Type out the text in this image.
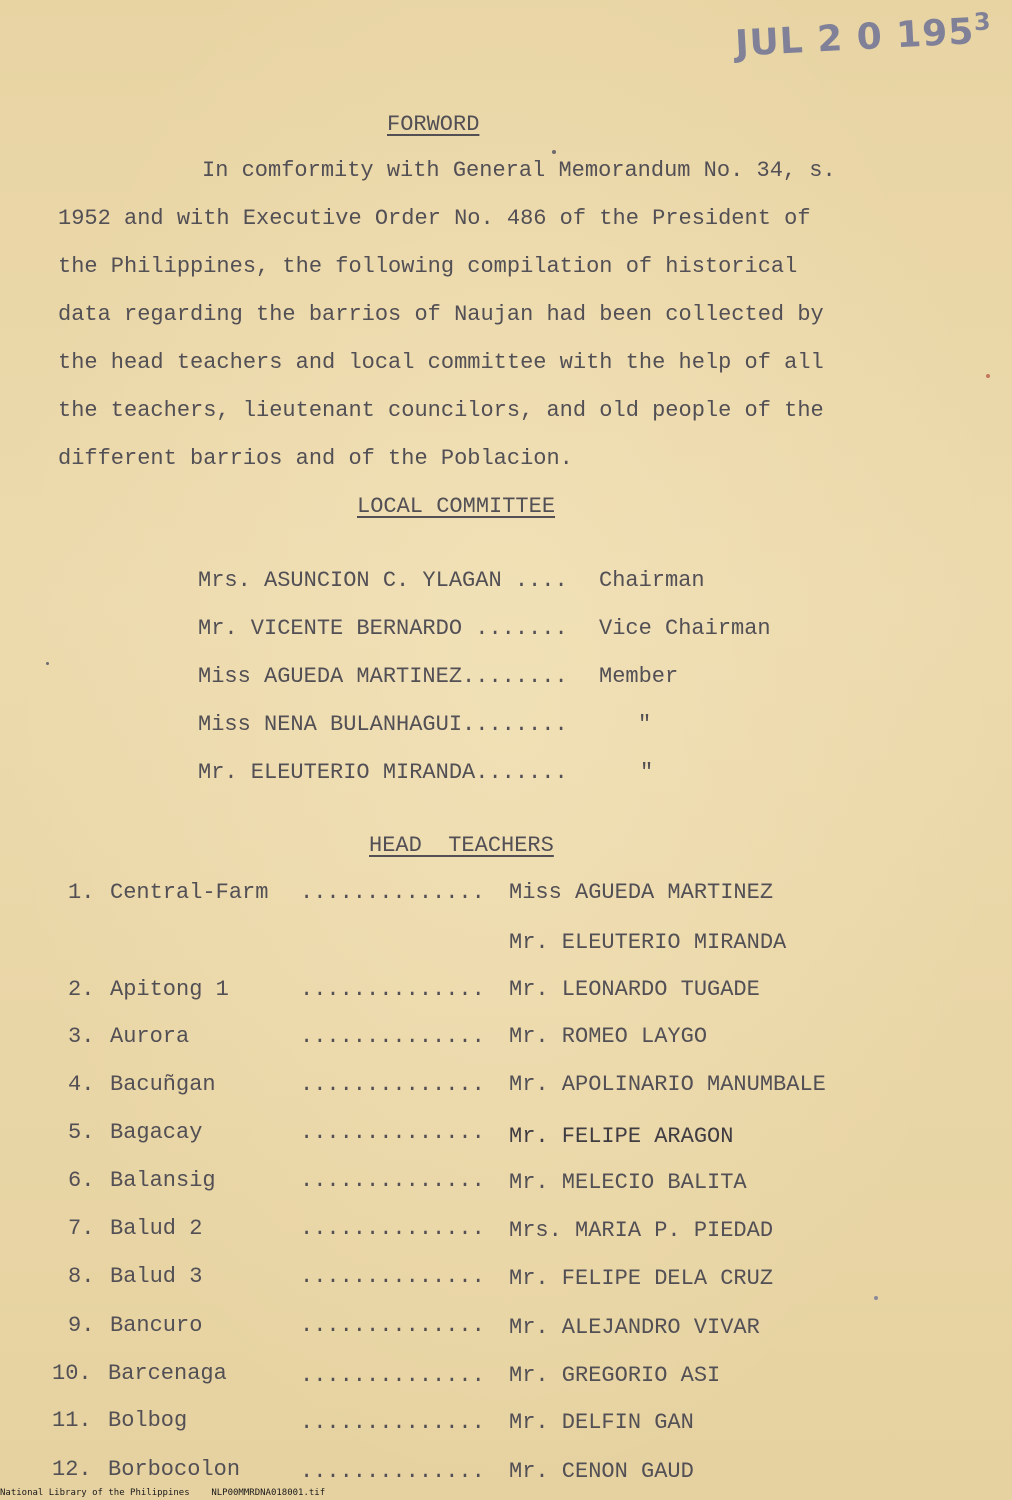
JUL 2 0 $195^3$
FORWORD
In comformity with General Memorandum No. 34, s.
1952 and with Executive Order No. 486 of the President of
the Philippines, the following compilation of historical
data regarding the barrios of Naujan had been collected by
the head teachers and local committee with the help of all
the teachers, lieutenant councilors, and old people of the
different barrios and of the Poblacion.
LOCAL COMMITTEE
Mrs. ASUNCION C. YLAGAN .... Chairman
Mr. VICENTE BERNARDO ....... Vice Chairman
Miss AGUEDA MARTINEZ........ Member
Miss NENA BULANHAGUI........	"
Mr. ELEUTERIO MIRANDA.......	"
HEAD  TEACHERS
1. Central-Farm .............. Miss AGUEDA MARTINEZ
Mr. ELEUTERIO MIRANDA
2. Apitong 1	.............. Mr. LEONARDO TUGADE
3. Aurora	.............. Mr. ROMEO LAYGO
4. Bacuñgan	.............. Mr. APOLINARIO MANUMBALE
5. Bagacay	.............. Mr. FELIPE ARAGON
6. Balansig	.............. Mr. MELECIO BALITA
7. Balud 2	.............. Mrs. MARIA P. PIEDAD
8. Balud 3	.............. Mr. FELIPE DELA CRUZ
9. Bancuro	.............. Mr. ALEJANDRO VIVAR
10. Barcenaga	.............. Mr. GREGORIO ASI
11. Bolbog	.............. Mr. DELFIN GAN
12. Borbocolon	.............. Mr. CENON GAUD
National Library of the Philippines NLP00MMRDNA018001.tif
